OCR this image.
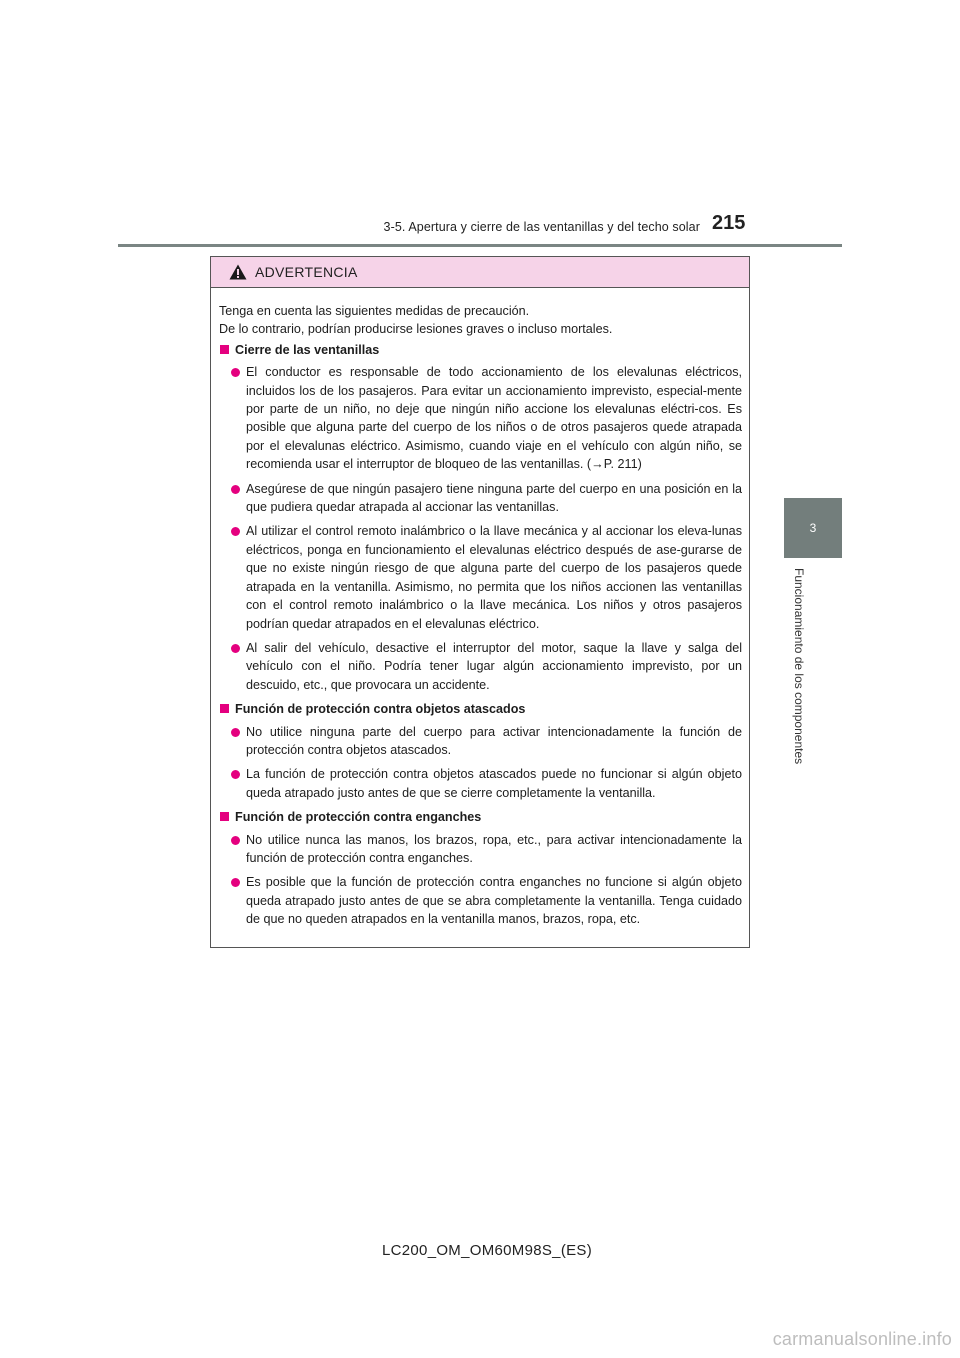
3-5. Apertura y cierre de las ventanillas y del techo solar 215
3
Funcionamiento de los componentes
ADVERTENCIA

Tenga en cuenta las siguientes medidas de precaución.

De lo contrario, podrían producirse lesiones graves o incluso mortales.

Cierre de las ventanillas
El conductor es responsable de todo accionamiento de los elevalunas eléctricos, incluidos los de los pasajeros. Para evitar un accionamiento imprevisto, especial-mente por parte de un niño, no deje que ningún niño accione los elevalunas eléctri-cos. Es posible que alguna parte del cuerpo de los niños o de otros pasajeros quede atrapada por el elevalunas eléctrico. Asimismo, cuando viaje en el vehículo con algún niño, se recomienda usar el interruptor de bloqueo de las ventanillas. (→P. 211)
Asegúrese de que ningún pasajero tiene ninguna parte del cuerpo en una posición en la que pudiera quedar atrapada al accionar las ventanillas.
Al utilizar el control remoto inalámbrico o la llave mecánica y al accionar los eleva-lunas eléctricos, ponga en funcionamiento el elevalunas eléctrico después de ase-gurarse de que no existe ningún riesgo de que alguna parte del cuerpo de los pasajeros quede atrapada en la ventanilla. Asimismo, no permita que los niños accionen las ventanillas con el control remoto inalámbrico o la llave mecánica. Los niños y otros pasajeros podrían quedar atrapados en el elevalunas eléctrico.
Al salir del vehículo, desactive el interruptor del motor, saque la llave y salga del vehículo con el niño. Podría tener lugar algún accionamiento imprevisto, por un descuido, etc., que provocara un accidente.
Función de protección contra objetos atascados
No utilice ninguna parte del cuerpo para activar intencionadamente la función de protección contra objetos atascados.
La función de protección contra objetos atascados puede no funcionar si algún objeto queda atrapado justo antes de que se cierre completamente la ventanilla.
Función de protección contra enganches
No utilice nunca las manos, los brazos, ropa, etc., para activar intencionadamente la función de protección contra enganches.
Es posible que la función de protección contra enganches no funcione si algún objeto queda atrapado justo antes de que se abra completamente la ventanilla. Tenga cuidado de que no queden atrapados en la ventanilla manos, brazos, ropa, etc.
LC200_OM_OM60M98S_(ES)
carmanualsonline.info
